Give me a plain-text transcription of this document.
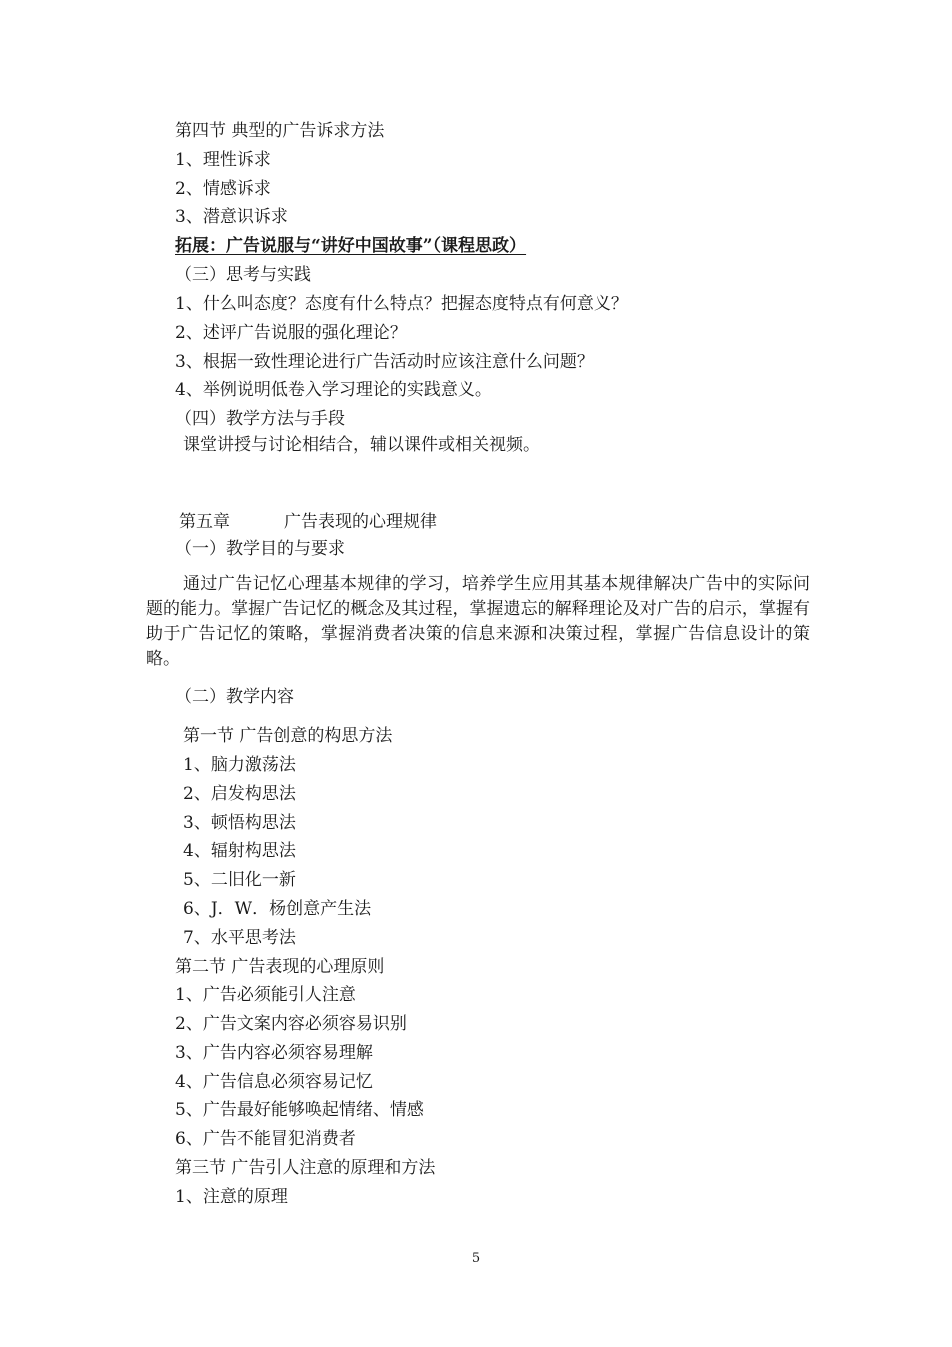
第四节 典型的广告诉求方法
1、理性诉求
2、情感诉求
3、潜意识诉求
拓展：广告说服与“讲好中国故事”（课程思政）
（三）思考与实践
1、什么叫态度？态度有什么特点？把握态度特点有何意义？
2、述评广告说服的强化理论？
3、根据一致性理论进行广告活动时应该注意什么问题？
4、举例说明低卷入学习理论的实践意义。
（四）教学方法与手段
课堂讲授与讨论相结合，辅以课件或相关视频。
第五章	广告表现的心理规律
（一）教学目的与要求
通过广告记忆心理基本规律的学习，培养学生应用其基本规律解决广告中的实际问题的能力。掌握广告记忆的概念及其过程，掌握遗忘的解释理论及对广告的启示，掌握有助于广告记忆的策略，掌握消费者决策的信息来源和决策过程，掌握广告信息设计的策略。
（二）教学内容
第一节 广告创意的构思方法
1、脑力激荡法
2、启发构思法
3、顿悟构思法
4、辐射构思法
5、二旧化一新
6、J．W．杨创意产生法
7、水平思考法
第二节 广告表现的心理原则
1、广告必须能引人注意
2、广告文案内容必须容易识别
3、广告内容必须容易理解
4、广告信息必须容易记忆
5、广告最好能够唤起情绪、情感
6、广告不能冒犯消费者
第三节 广告引人注意的原理和方法
1、注意的原理
5
